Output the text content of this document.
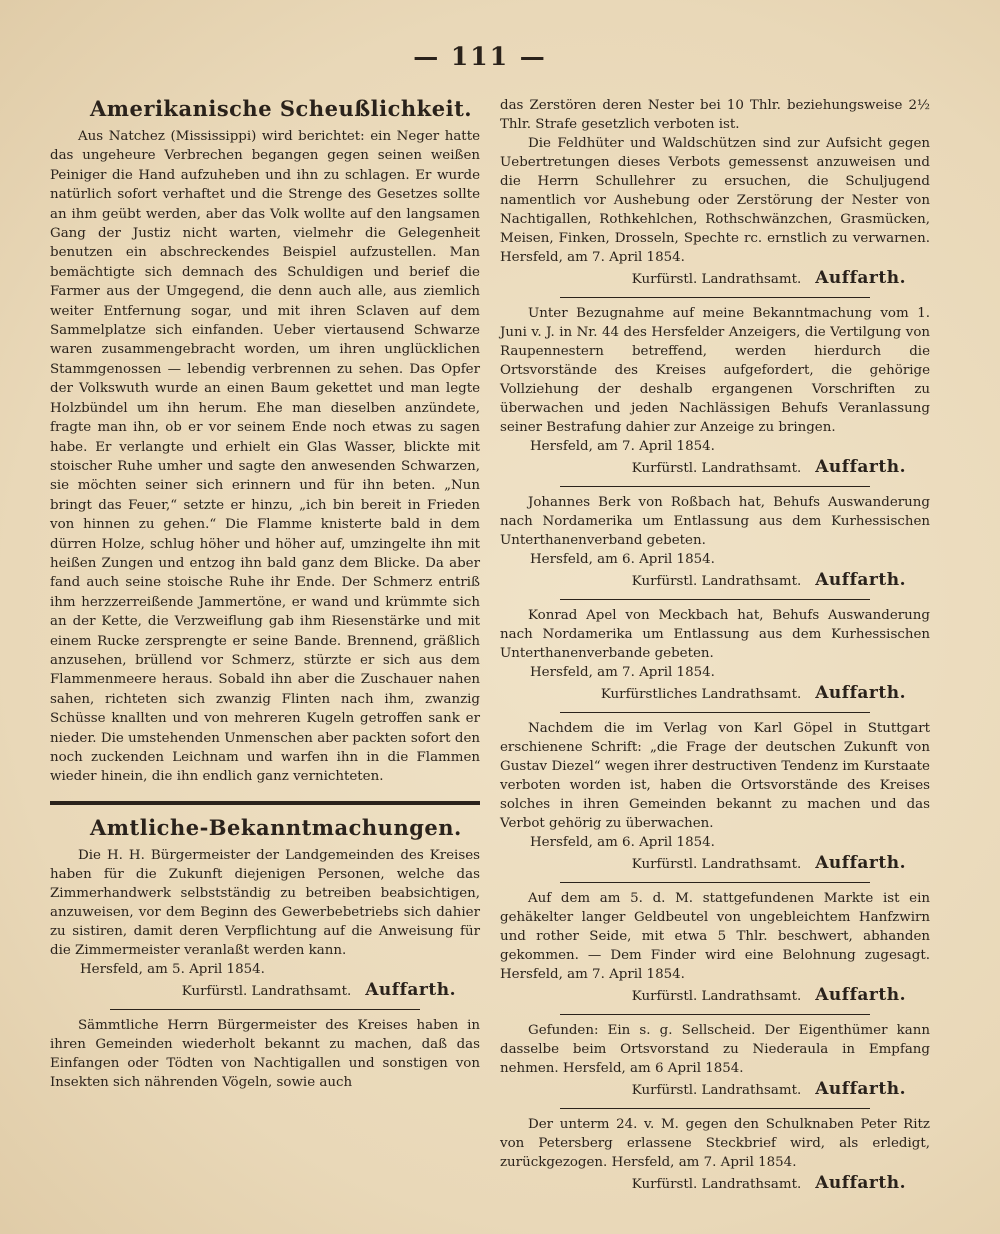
— 111 —
Amerikanische Scheußlichkeit.

Aus Natchez (Mississippi) wird berichtet: ein Neger hatte das ungeheure Verbrechen begangen gegen seinen weißen Peiniger die Hand aufzuheben und ihn zu schlagen. Er wurde natürlich sofort verhaftet und die Strenge des Gesetzes sollte an ihm geübt werden, aber das Volk wollte auf den langsamen Gang der Justiz nicht warten, vielmehr die Gelegenheit benutzen ein abschreckendes Beispiel aufzustellen. Man bemächtigte sich demnach des Schuldigen und berief die Farmer aus der Umgegend, die denn auch alle, aus ziemlich weiter Entfernung sogar, und mit ihren Sclaven auf dem Sammelplatze sich einfanden. Ueber viertausend Schwarze waren zusammengebracht worden, um ihren unglücklichen Stammgenossen — lebendig verbrennen zu sehen. Das Opfer der Volkswuth wurde an einen Baum gekettet und man legte Holzbündel um ihn herum. Ehe man dieselben anzündete, fragte man ihn, ob er vor seinem Ende noch etwas zu sagen habe. Er verlangte und erhielt ein Glas Wasser, blickte mit stoischer Ruhe umher und sagte den anwesenden Schwarzen, sie möchten seiner sich erinnern und für ihn beten. „Nun bringt das Feuer,“ setzte er hinzu, „ich bin bereit in Frieden von hinnen zu gehen.“ Die Flamme knisterte bald in dem dürren Holze, schlug höher und höher auf, umzingelte ihn mit heißen Zungen und entzog ihn bald ganz dem Blicke. Da aber fand auch seine stoische Ruhe ihr Ende. Der Schmerz entriß ihm herzzerreißende Jammertöne, er wand und krümmte sich an der Kette, die Verzweiflung gab ihm Riesenstärke und mit einem Rucke zersprengte er seine Bande. Brennend, gräßlich anzusehen, brüllend vor Schmerz, stürzte er sich aus dem Flammenmeere heraus. Sobald ihn aber die Zuschauer nahen sahen, richteten sich zwanzig Flinten nach ihm, zwanzig Schüsse knallten und von mehreren Kugeln getroffen sank er nieder. Die umstehenden Unmenschen aber packten sofort den noch zuckenden Leichnam und warfen ihn in die Flammen wieder hinein, die ihn endlich ganz vernichteten.

Amtliche-Bekanntmachungen.

Die H. H. Bürgermeister der Landgemeinden des Kreises haben für die Zukunft diejenigen Personen, welche das Zimmerhandwerk selbstständig zu betreiben beabsichtigen, anzuweisen, vor dem Beginn des Gewerbebetriebs sich dahier zu sistiren, damit deren Verpflichtung auf die Anweisung für die Zimmermeister veranlaßt werden kann.

Hersfeld, am 5. April 1854.
Kurfürstl. Landrathsamt. Auffarth.

Sämmtliche Herrn Bürgermeister des Kreises haben in ihren Gemeinden wiederholt bekannt zu machen, daß das Einfangen oder Tödten von Nachtigallen und sonstigen von Insekten sich nährenden Vögeln, sowie auch

das Zerstören deren Nester bei 10 Thlr. beziehungsweise 2½ Thlr. Strafe gesetzlich verboten ist.

Die Feldhüter und Waldschützen sind zur Aufsicht gegen Uebertretungen dieses Verbots gemessenst anzuweisen und die Herrn Schullehrer zu ersuchen, die Schuljugend namentlich vor Aushebung oder Zerstörung der Nester von Nachtigallen, Rothkehlchen, Rothschwänzchen, Grasmücken, Meisen, Finken, Drosseln, Spechte rc. ernstlich zu verwarnen. Hersfeld, am 7. April 1854.

Kurfürstl. Landrathsamt. Auffarth.

Unter Bezugnahme auf meine Bekanntmachung vom 1. Juni v. J. in Nr. 44 des Hersfelder Anzeigers, die Vertilgung von Raupennestern betreffend, werden hierdurch die Ortsvorstände des Kreises aufgefordert, die gehörige Vollziehung der deshalb ergangenen Vorschriften zu überwachen und jeden Nachlässigen Behufs Veranlassung seiner Bestrafung dahier zur Anzeige zu bringen.

Hersfeld, am 7. April 1854.
Kurfürstl. Landrathsamt. Auffarth.

Johannes Berk von Roßbach hat, Behufs Auswanderung nach Nordamerika um Entlassung aus dem Kurhessischen Unterthanenverband gebeten.

Hersfeld, am 6. April 1854.
Kurfürstl. Landrathsamt. Auffarth.

Konrad Apel von Meckbach hat, Behufs Auswanderung nach Nordamerika um Entlassung aus dem Kurhessischen Unterthanenverbande gebeten.

Hersfeld, am 7. April 1854.
Kurfürstliches Landrathsamt. Auffarth.

Nachdem die im Verlag von Karl Göpel in Stuttgart erschienene Schrift: „die Frage der deutschen Zukunft von Gustav Diezel“ wegen ihrer destructiven Tendenz im Kurstaate verboten worden ist, haben die Ortsvorstände des Kreises solches in ihren Gemeinden bekannt zu machen und das Verbot gehörig zu überwachen.

Hersfeld, am 6. April 1854.
Kurfürstl. Landrathsamt. Auffarth.

Auf dem am 5. d. M. stattgefundenen Markte ist ein gehäkelter langer Geldbeutel von ungebleichtem Hanfzwirn und rother Seide, mit etwa 5 Thlr. beschwert, abhanden gekommen. — Dem Finder wird eine Belohnung zugesagt. Hersfeld, am 7. April 1854.

Kurfürstl. Landrathsamt. Auffarth.

Gefunden: Ein s. g. Sellscheid. Der Eigenthümer kann dasselbe beim Ortsvorstand zu Niederaula in Empfang nehmen. Hersfeld, am 6 April 1854.

Kurfürstl. Landrathsamt. Auffarth.

Der unterm 24. v. M. gegen den Schulknaben Peter Ritz von Petersberg erlassene Steckbrief wird, als erledigt, zurückgezogen. Hersfeld, am 7. April 1854.

Kurfürstl. Landrathsamt. Auffarth.
